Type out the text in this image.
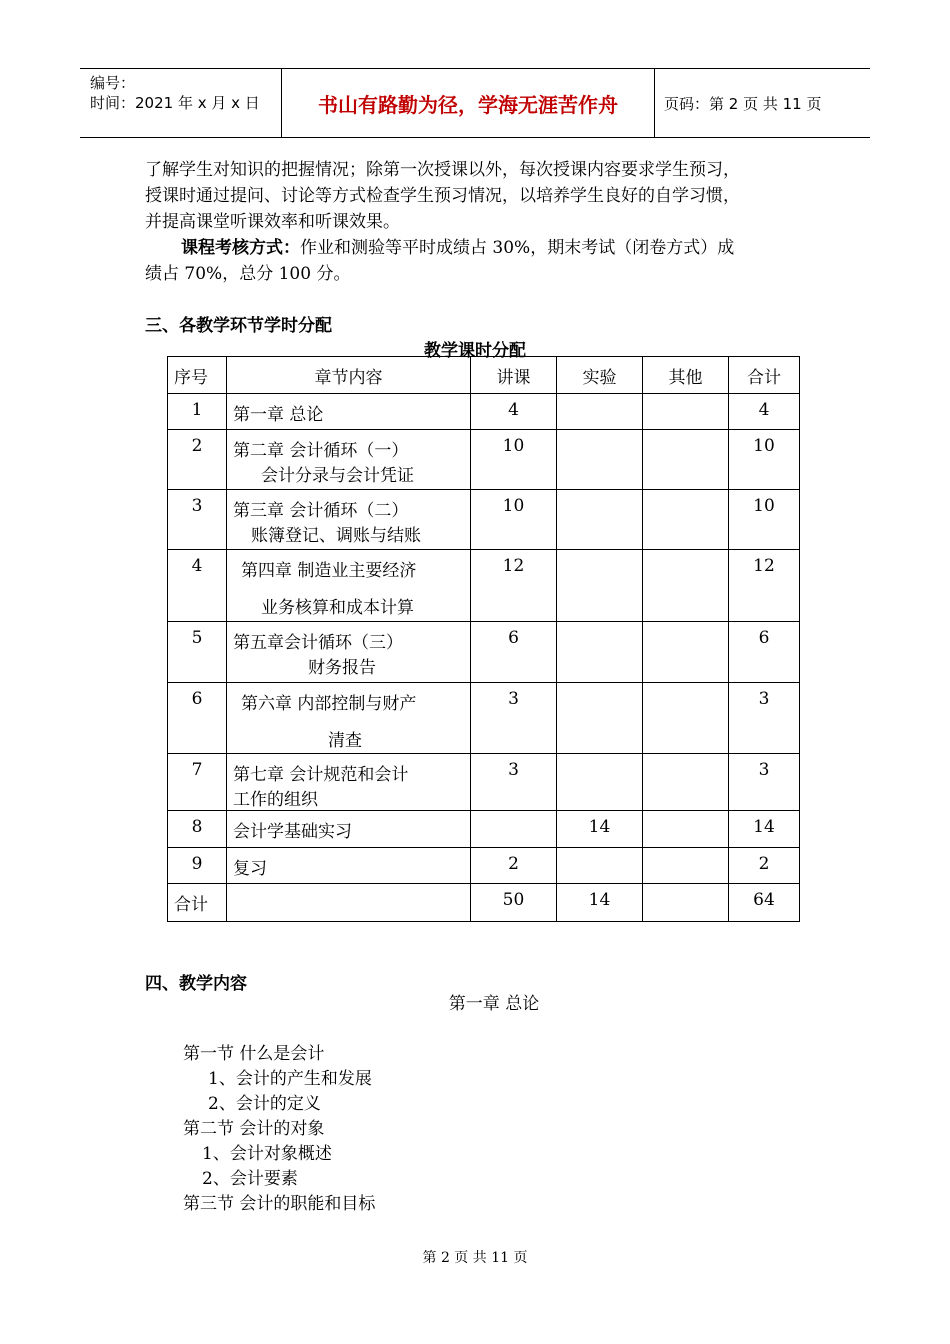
编号：
时间：2021 年 x 月 x 日	书山有路勤为径，学海无涯苦作舟	页码：第 2 页 共 11 页
了解学生对知识的把握情况；除第一次授课以外，每次授课内容要求学生预习，
授课时通过提问、讨论等方式检查学生预习情况，以培养学生良好的自学习惯，
并提高课堂听课效率和听课效果。
课程考核方式：作业和测验等平时成绩占 30%，期末考试（闭卷方式）成
绩占 70%，总分 100 分。
三、各教学环节学时分配
教学课时分配
序号	章节内容	讲课	实验	其他	合计
1	第一章 总论	4			4
2	第二章 会计循环（一）
会计分录与会计凭证	10			10
3	第三章 会计循环（二）
账簿登记、调账与结账	10			10
4	第四章 制造业主要经济
业务核算和成本计算	12			12
5	第五章会计循环（三）
财务报告	6			6
6	第六章 内部控制与财产
清查	3			3
7	第七章 会计规范和会计
工作的组织	3			3
8	会计学基础实习		14		14
9	复习	2			2
合计		50	14		64
四、教学内容
第一章 总论
第一节 什么是会计
1、会计的产生和发展
2、会计的定义
第二节 会计的对象
1、会计对象概述
2、会计要素
第三节 会计的职能和目标
第 2 页 共 11 页
